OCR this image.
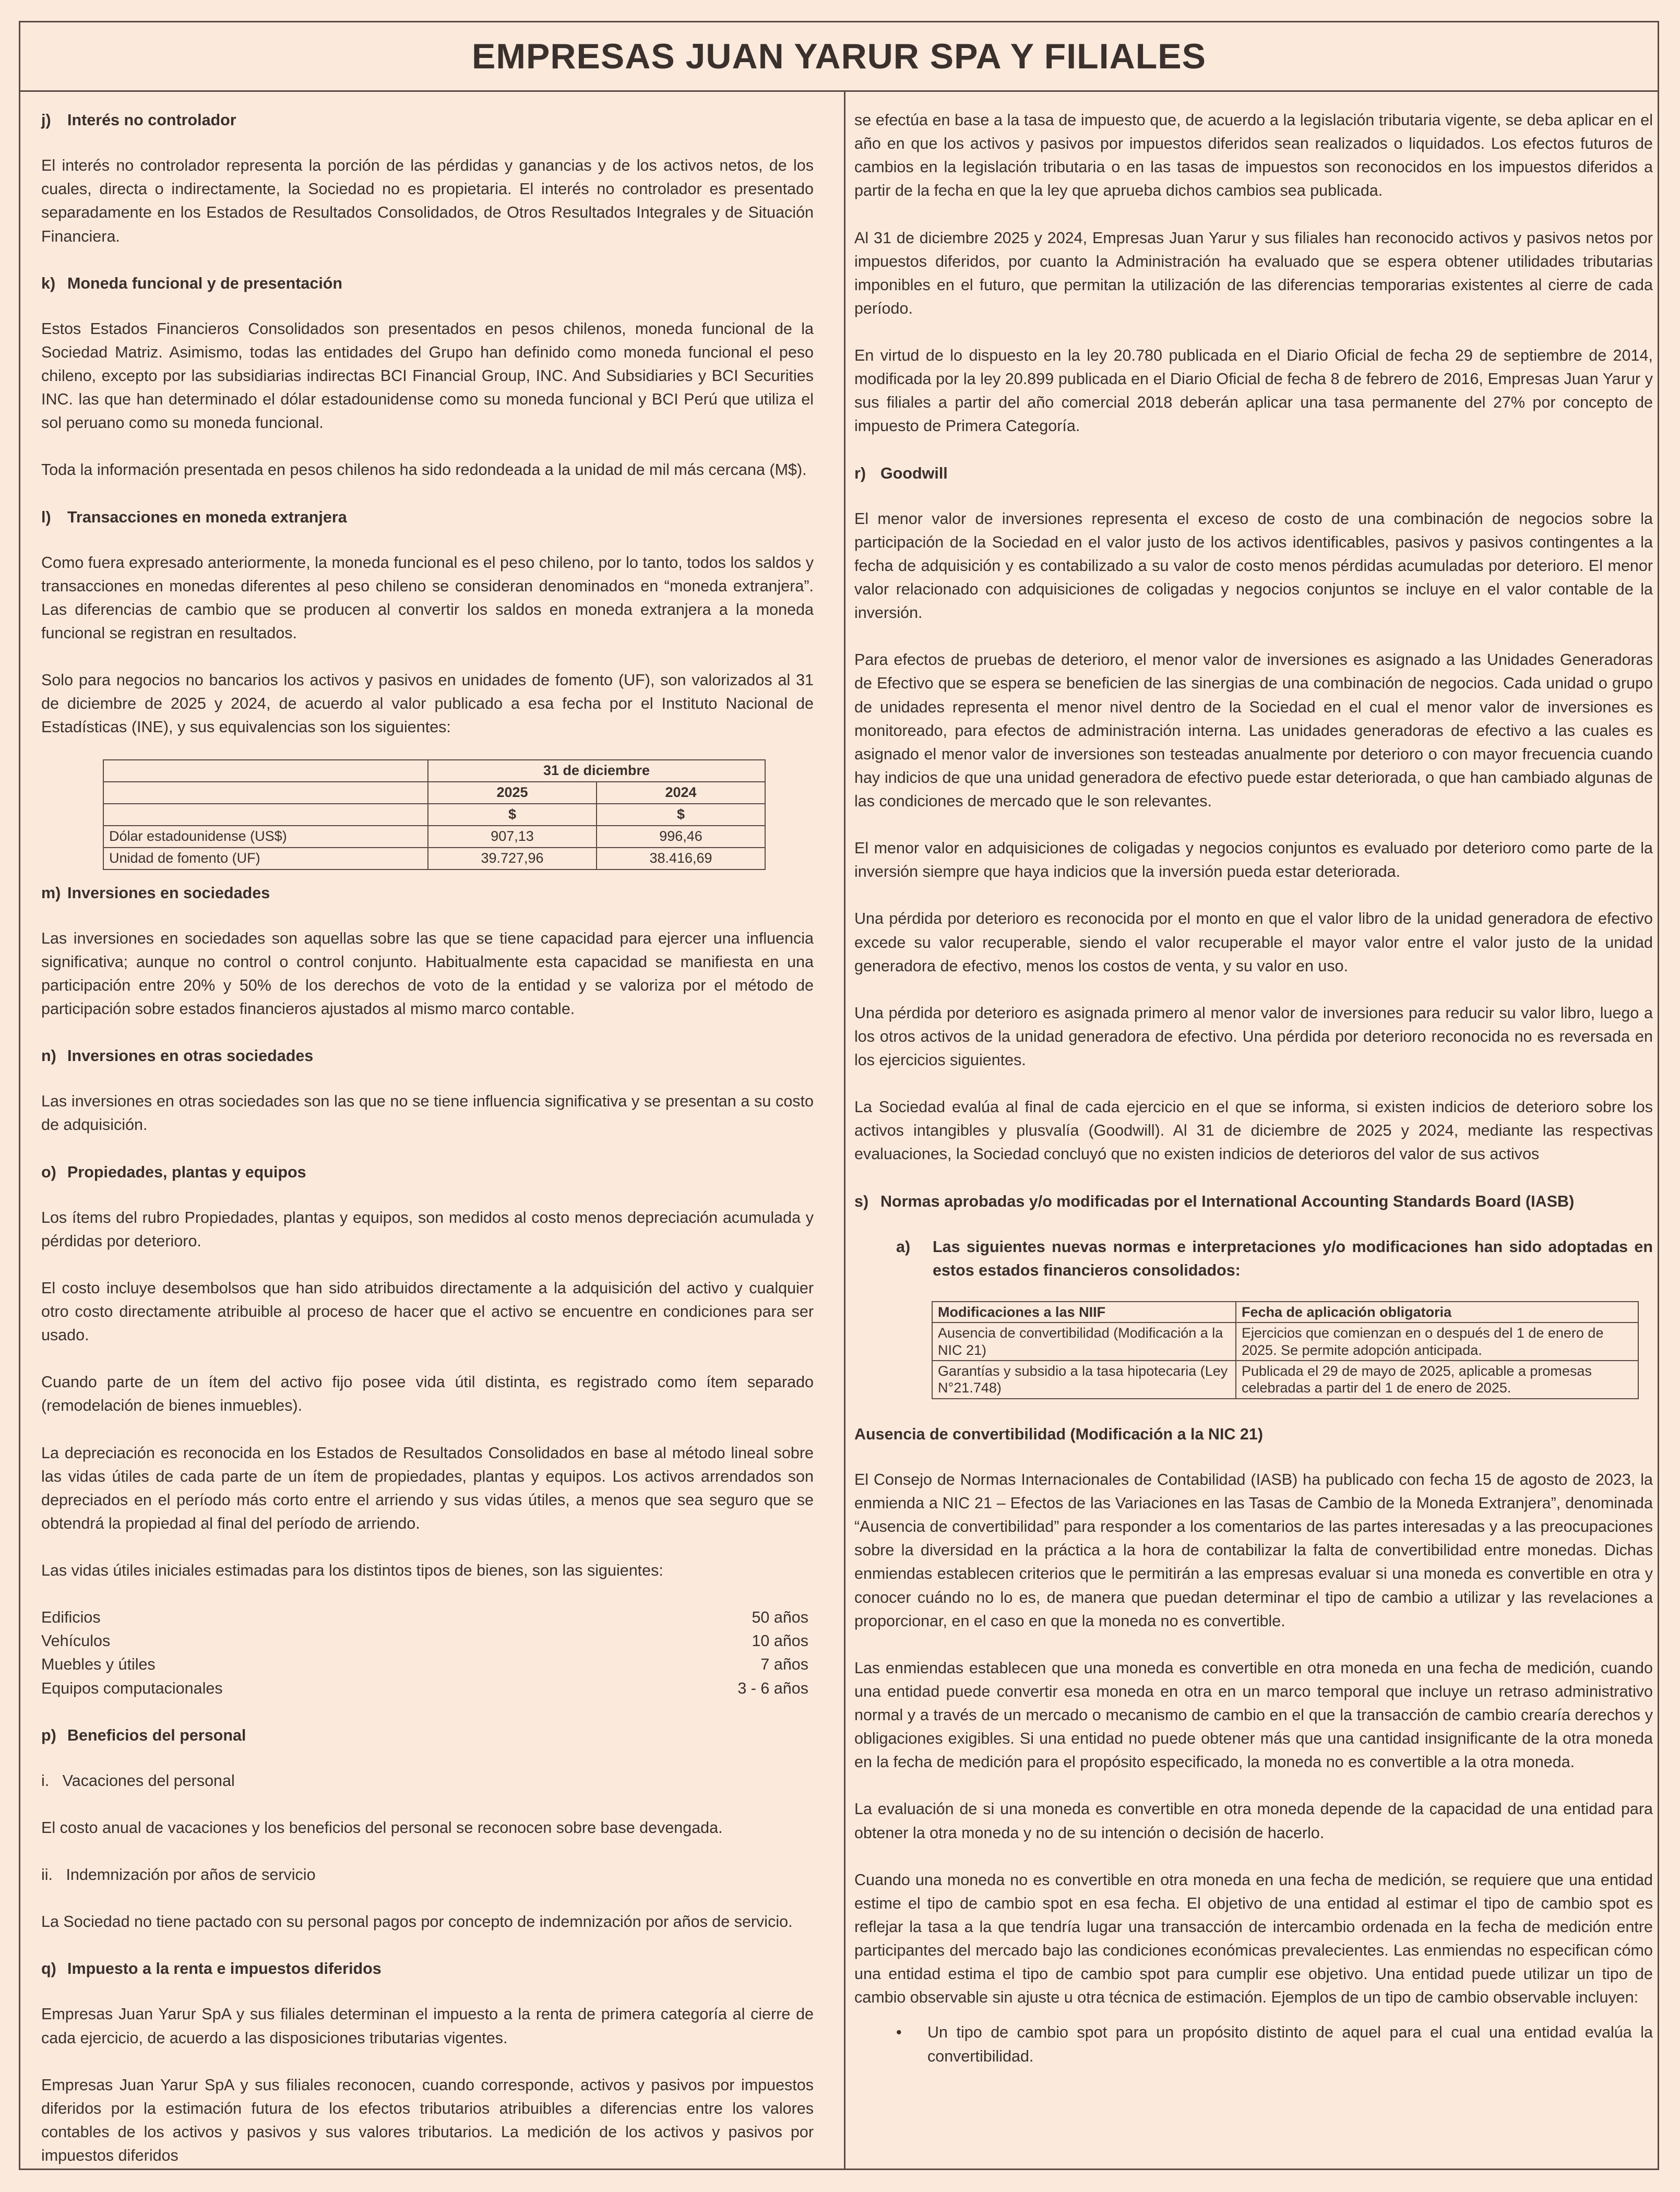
EMPRESAS JUAN YARUR SPA Y FILIALES
j) Interés no controlador

El interés no controlador representa la porción de las pérdidas y ganancias y de los activos netos, de los cuales, directa o indirectamente, la Sociedad no es propietaria. El interés no controlador es presentado separadamente en los Estados de Resultados Consolidados, de Otros Resultados Integrales y de Situación Financiera.

k) Moneda funcional y de presentación

Estos Estados Financieros Consolidados son presentados en pesos chilenos, moneda funcional de la Sociedad Matriz. Asimismo, todas las entidades del Grupo han definido como moneda funcional el peso chileno, excepto por las subsidiarias indirectas BCI Financial Group, INC. And Subsidiaries y BCI Securities INC. las que han determinado el dólar estadounidense como su moneda funcional y BCI Perú que utiliza el sol peruano como su moneda funcional.

Toda la información presentada en pesos chilenos ha sido redondeada a la unidad de mil más cercana (M$).

l) Transacciones en moneda extranjera

Como fuera expresado anteriormente, la moneda funcional es el peso chileno, por lo tanto, todos los saldos y transacciones en monedas diferentes al peso chileno se consideran denominados en “moneda extranjera”. Las diferencias de cambio que se producen al convertir los saldos en moneda extranjera a la moneda funcional se registran en resultados.

Solo para negocios no bancarios los activos y pasivos en unidades de fomento (UF), son valorizados al 31 de diciembre de 2025 y 2024, de acuerdo al valor publicado a esa fecha por el Instituto Nacional de Estadísticas (INE), y sus equivalencias son los siguientes:

	31 de diciembre	
	2025	2024
	$	$
Dólar estadounidense (US$)	907,13	996,46
Unidad de fomento (UF)	39.727,96	38.416,69
m) Inversiones en sociedades

Las inversiones en sociedades son aquellas sobre las que se tiene capacidad para ejercer una influencia significativa; aunque no control o control conjunto. Habitualmente esta capacidad se manifiesta en una participación entre 20% y 50% de los derechos de voto de la entidad y se valoriza por el método de participación sobre estados financieros ajustados al mismo marco contable.

n) Inversiones en otras sociedades

Las inversiones en otras sociedades son las que no se tiene influencia significativa y se presentan a su costo de adquisición.

o) Propiedades, plantas y equipos

Los ítems del rubro Propiedades, plantas y equipos, son medidos al costo menos depreciación acumulada y pérdidas por deterioro.

El costo incluye desembolsos que han sido atribuidos directamente a la adquisición del activo y cualquier otro costo directamente atribuible al proceso de hacer que el activo se encuentre en condiciones para ser usado.

Cuando parte de un ítem del activo fijo posee vida útil distinta, es registrado como ítem separado (remodelación de bienes inmuebles).

La depreciación es reconocida en los Estados de Resultados Consolidados en base al método lineal sobre las vidas útiles de cada parte de un ítem de propiedades, plantas y equipos. Los activos arrendados son depreciados en el período más corto entre el arriendo y sus vidas útiles, a menos que sea seguro que se obtendrá la propiedad al final del período de arriendo.

Las vidas útiles iniciales estimadas para los distintos tipos de bienes, son las siguientes:

Edificios	50 años
Vehículos	10 años
Muebles y útiles	7 años
Equipos computacionales	3 - 6 años
p) Beneficios del personal

i.   Vacaciones del personal

El costo anual de vacaciones y los beneficios del personal se reconocen sobre base devengada.

ii.   Indemnización por años de servicio

La Sociedad no tiene pactado con su personal pagos por concepto de indemnización por años de servicio.

q) Impuesto a la renta e impuestos diferidos

Empresas Juan Yarur SpA y sus filiales determinan el impuesto a la renta de primera categoría al cierre de cada ejercicio, de acuerdo a las disposiciones tributarias vigentes.

Empresas Juan Yarur SpA y sus filiales reconocen, cuando corresponde, activos y pasivos por impuestos diferidos por la estimación futura de los efectos tributarios atribuibles a diferencias entre los valores contables de los activos y pasivos y sus valores tributarios. La medición de los activos y pasivos por impuestos diferidos

se efectúa en base a la tasa de impuesto que, de acuerdo a la legislación tributaria vigente, se deba aplicar en el año en que los activos y pasivos por impuestos diferidos sean realizados o liquidados. Los efectos futuros de cambios en la legislación tributaria o en las tasas de impuestos son reconocidos en los impuestos diferidos a partir de la fecha en que la ley que aprueba dichos cambios sea publicada.

Al 31 de diciembre 2025 y 2024, Empresas Juan Yarur y sus filiales han reconocido activos y pasivos netos por impuestos diferidos, por cuanto la Administración ha evaluado que se espera obtener utilidades tributarias imponibles en el futuro, que permitan la utilización de las diferencias temporarias existentes al cierre de cada período.

En virtud de lo dispuesto en la ley 20.780 publicada en el Diario Oficial de fecha 29 de septiembre de 2014, modificada por la ley 20.899 publicada en el Diario Oficial de fecha 8 de febrero de 2016, Empresas Juan Yarur y sus filiales a partir del año comercial 2018 deberán aplicar una tasa permanente del 27% por concepto de impuesto de Primera Categoría.

r) Goodwill

El menor valor de inversiones representa el exceso de costo de una combinación de negocios sobre la participación de la Sociedad en el valor justo de los activos identificables, pasivos y pasivos contingentes a la fecha de adquisición y es contabilizado a su valor de costo menos pérdidas acumuladas por deterioro. El menor valor relacionado con adquisiciones de coligadas y negocios conjuntos se incluye en el valor contable de la inversión.

Para efectos de pruebas de deterioro, el menor valor de inversiones es asignado a las Unidades Generadoras de Efectivo que se espera se beneficien de las sinergias de una combinación de negocios. Cada unidad o grupo de unidades representa el menor nivel dentro de la Sociedad en el cual el menor valor de inversiones es monitoreado, para efectos de administración interna. Las unidades generadoras de efectivo a las cuales es asignado el menor valor de inversiones son testeadas anualmente por deterioro o con mayor frecuencia cuando hay indicios de que una unidad generadora de efectivo puede estar deteriorada, o que han cambiado algunas de las condiciones de mercado que le son relevantes.

El menor valor en adquisiciones de coligadas y negocios conjuntos es evaluado por deterioro como parte de la inversión siempre que haya indicios que la inversión pueda estar deteriorada.

Una pérdida por deterioro es reconocida por el monto en que el valor libro de la unidad generadora de efectivo excede su valor recuperable, siendo el valor recuperable el mayor valor entre el valor justo de la unidad generadora de efectivo, menos los costos de venta, y su valor en uso.

Una pérdida por deterioro es asignada primero al menor valor de inversiones para reducir su valor libro, luego a los otros activos de la unidad generadora de efectivo. Una pérdida por deterioro reconocida no es reversada en los ejercicios siguientes.

La Sociedad evalúa al final de cada ejercicio en el que se informa, si existen indicios de deterioro sobre los activos intangibles y plusvalía (Goodwill). Al 31 de diciembre de 2025 y 2024, mediante las respectivas evaluaciones, la Sociedad concluyó que no existen indicios de deterioros del valor de sus activos

s) Normas aprobadas y/o modificadas por el International Accounting Standards Board (IASB)
a)	Las siguientes nuevas normas e interpretaciones y/o modificaciones han sido adoptadas en estos estados financieros consolidados:
Modificaciones a las NIIF	Fecha de aplicación obligatoria
Ausencia de convertibilidad (Modificación a la NIC 21)	Ejercicios que comienzan en o después del 1 de enero de 2025. Se permite adopción anticipada.
Garantías y subsidio a la tasa hipotecaria (Ley N°21.748)	Publicada el 29 de mayo de 2025, aplicable a promesas celebradas a partir del 1 de enero de 2025.
Ausencia de convertibilidad (Modificación a la NIC 21)

El Consejo de Normas Internacionales de Contabilidad (IASB) ha publicado con fecha 15 de agosto de 2023, la enmienda a NIC 21 – Efectos de las Variaciones en las Tasas de Cambio de la Moneda Extranjera”, denominada “Ausencia de convertibilidad” para responder a los comentarios de las partes interesadas y a las preocupaciones sobre la diversidad en la práctica a la hora de contabilizar la falta de convertibilidad entre monedas. Dichas enmiendas establecen criterios que le permitirán a las empresas evaluar si una moneda es convertible en otra y conocer cuándo no lo es, de manera que puedan determinar el tipo de cambio a utilizar y las revelaciones a proporcionar, en el caso en que la moneda no es convertible.

Las enmiendas establecen que una moneda es convertible en otra moneda en una fecha de medición, cuando una entidad puede convertir esa moneda en otra en un marco temporal que incluye un retraso administrativo normal y a través de un mercado o mecanismo de cambio en el que la transacción de cambio crearía derechos y obligaciones exigibles. Si una entidad no puede obtener más que una cantidad insignificante de la otra moneda en la fecha de medición para el propósito especificado, la moneda no es convertible a la otra moneda.

La evaluación de si una moneda es convertible en otra moneda depende de la capacidad de una entidad para obtener la otra moneda y no de su intención o decisión de hacerlo.

Cuando una moneda no es convertible en otra moneda en una fecha de medición, se requiere que una entidad estime el tipo de cambio spot en esa fecha. El objetivo de una entidad al estimar el tipo de cambio spot es reflejar la tasa a la que tendría lugar una transacción de intercambio ordenada en la fecha de medición entre participantes del mercado bajo las condiciones económicas prevalecientes. Las enmiendas no especifican cómo una entidad estima el tipo de cambio spot para cumplir ese objetivo. Una entidad puede utilizar un tipo de cambio observable sin ajuste u otra técnica de estimación. Ejemplos de un tipo de cambio observable incluyen:

•	Un tipo de cambio spot para un propósito distinto de aquel para el cual una entidad evalúa la convertibilidad.
